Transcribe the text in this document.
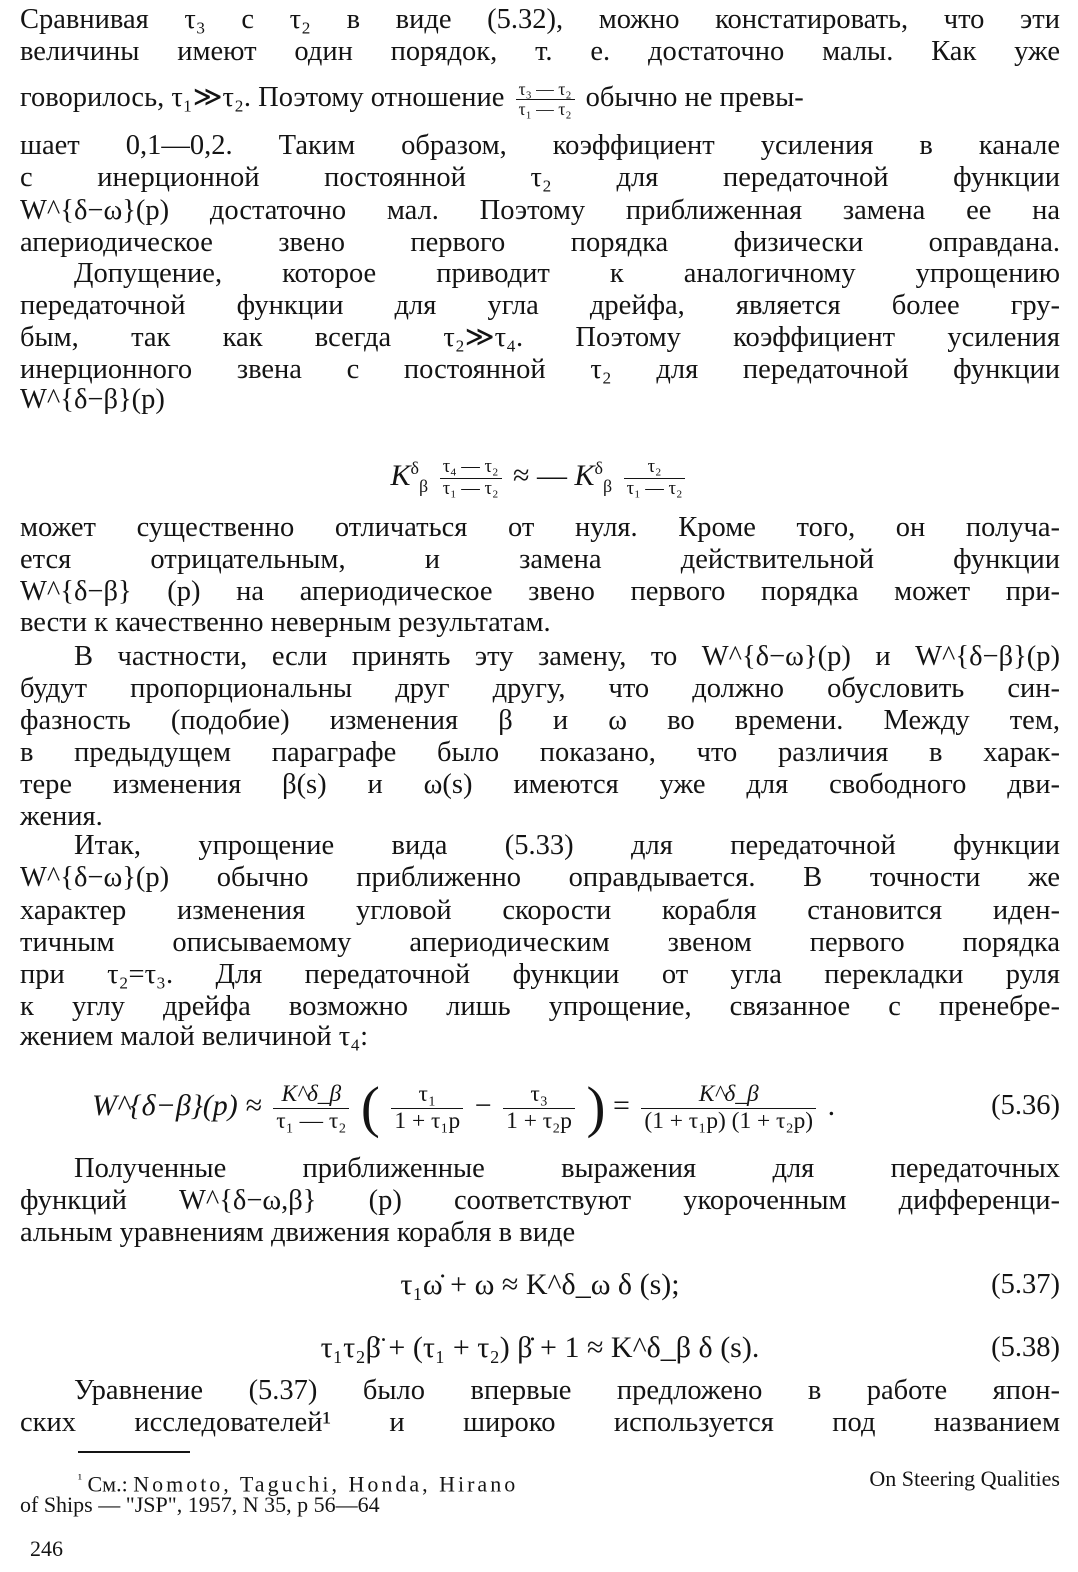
Сравнивая τ₃ с τ₂ в виде (5.32), можно констатировать, что эти
величины имеют один порядок, т. е. достаточно малы. Как уже
говорилось, τ₁≫τ₂. Поэтому отношение $\frac{\text{τ₃ — τ₂}}{\text{τ₁ — τ₂}}$ обычно не превы-
шает 0,1—0,2. Таким образом, коэффициент усиления в канале
с инерционной постоянной τ₂ для передаточной функции
W^{δ−ω}(p) достаточно мал. Поэтому приближенная замена ее на
апериодическое звено первого порядка физически оправдана.
Допущение, которое приводит к аналогичному упрощению
передаточной функции для угла дрейфа, является более гру-
бым, так как всегда τ₂≫τ₄. Поэтому коэффициент усиления
инерционного звена с постоянной τ₂ для передаточной функции
W^{δ−β}(p)
$K^\delta_\beta \frac{\text{τ₄ — τ₂}}{\text{τ₁ — τ₂}}$ ≈ — $K^\delta_\beta \frac{\text{τ₂}}{\text{τ₁ — τ₂}}$
может существенно отличаться от нуля. Кроме того, он получа-
ется отрицательным, и замена действительной функции
W^{δ−β} (p) на апериодическое звено первого порядка может при-
вести к качественно неверным результатам.
В частности, если принять эту замену, то W^{δ−ω}(p) и W^{δ−β}(p)
будут пропорциональны друг другу, что должно обусловить син-
фазность (подобие) изменения β и ω во времени. Между тем,
в предыдущем параграфе было показано, что различия в харак-
тере изменения β(s) и ω(s) имеются уже для свободного дви-
жения.
Итак, упрощение вида (5.33) для передаточной функции
W^{δ−ω}(p) обычно приближенно оправдывается. В точности же
характер изменения угловой скорости корабля становится иден-
тичным описываемому апериодическим звеном первого порядка
при τ₂=τ₃. Для передаточной функции от угла перекладки руля
к углу дрейфа возможно лишь упрощение, связанное с пренебре-
жением малой величиной τ₄:
W^{δ−β}(p) ≈ $\frac{K\^{}\delta\_\beta}{\text{τ₁ — τ₂}}$ ( $\frac{\text{τ₁}}{\text{1 + τ₁p}} - \frac{\text{τ₃}}{\text{1 + τ₂p}}$ ) = $\frac{K\^{}\delta\_\beta}{\text{(1 + τ₁p) (1 + τ₂p)}}$ .	(5.36)
Полученные приближенные выражения для передаточных
функций W^{δ−ω,β} (p) соответствуют укороченным дифференци-
альным уравнениям движения корабля в виде
τ₁ω̇ + ω ≈ K^δ_ω δ (s);	(5.37)
τ₁τ₂β̈ + (τ₁ + τ₂) β̇ + 1 ≈ K^δ_β δ (s).	(5.38)
Уравнение (5.37) было впервые предложено в работе япон-
ских исследователей¹ и широко используется под названием
$^{^1}$ См.: Nomoto, Taguchi, Honda, Hirano	On Steering Qualities
of Ships — "JSP", 1957, N 35, p 56—64
246
